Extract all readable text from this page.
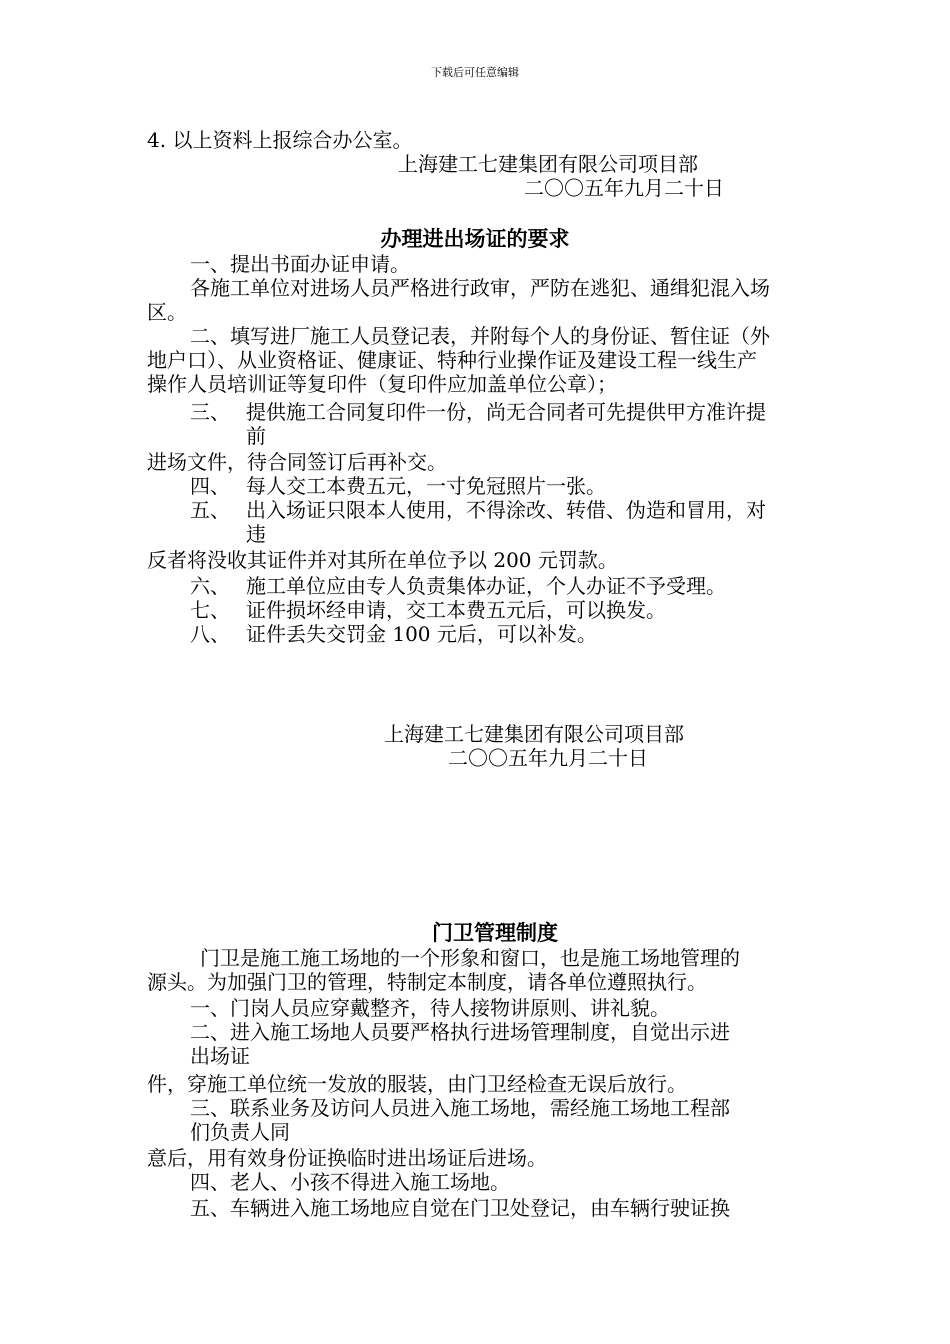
下载后可任意编辑
4. 以上资料上报综合办公室。
上海建工七建集团有限公司项目部
二〇〇五年九月二十日
办理进出场证的要求
一、提出书面办证申请。
各施工单位对进场人员严格进行政审，严防在逃犯、通缉犯混入场
区。
二、填写进厂施工人员登记表，并附每个人的身份证、暂住证（外
地户口）、从业资格证、健康证、特种行业操作证及建设工程一线生产
操作人员培训证等复印件（复印件应加盖单位公章）；
三、 提供施工合同复印件一份，尚无合同者可先提供甲方准许提
前
进场文件，待合同签订后再补交。
四、 每人交工本费五元，一寸免冠照片一张。
五、 出入场证只限本人使用，不得涂改、转借、伪造和冒用，对
违
反者将没收其证件并对其所在单位予以 200 元罚款。
六、 施工单位应由专人负责集体办证，个人办证不予受理。
七、 证件损坏经申请，交工本费五元后，可以换发。
八、 证件丢失交罚金 100 元后，可以补发。
上海建工七建集团有限公司项目部
二〇〇五年九月二十日
门卫管理制度
门卫是施工施工场地的一个形象和窗口，也是施工场地管理的
源头。为加强门卫的管理，特制定本制度，请各单位遵照执行。
一、门岗人员应穿戴整齐，待人接物讲原则、讲礼貌。
二、进入施工场地人员要严格执行进场管理制度，自觉出示进
出场证
件，穿施工单位统一发放的服装，由门卫经检查无误后放行。
三、联系业务及访问人员进入施工场地，需经施工场地工程部
们负责人同
意后，用有效身份证换临时进出场证后进场。
四、老人、小孩不得进入施工场地。
五、车辆进入施工场地应自觉在门卫处登记，由车辆行驶证换
